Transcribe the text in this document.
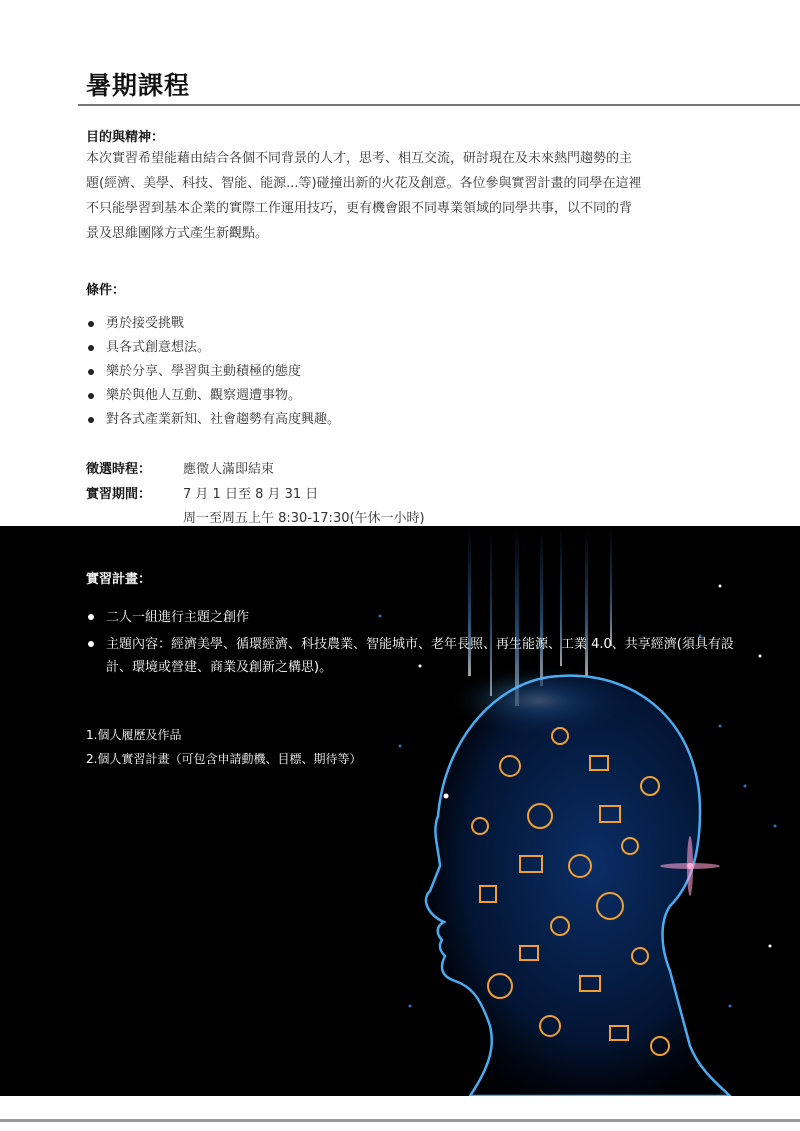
暑期課程
目的與精神：
本次實習希望能藉由結合各個不同背景的人才，思考、相互交流，研討現在及未來熱門趨勢的主
題(經濟、美學、科技、智能、能源...等)碰撞出新的火花及創意。各位參與實習計畫的同學在這裡
不只能學習到基本企業的實際工作運用技巧，更有機會跟不同專業領域的同學共事，以不同的背
景及思維團隊方式產生新觀點。
條件：
勇於接受挑戰
具各式創意想法。
樂於分享、學習與主動積極的態度
樂於與他人互動、觀察週遭事物。
對各式產業新知、社會趨勢有高度興趣。
徵選時程： 應徵人滿即結束
實習期間： 7 月 1 日至 8 月 31 日
周一至周五上午 8:30-17:30(午休一小時)
實習計畫：
二人一組進行主題之創作
主題內容：經濟美學、循環經濟、科技農業、智能城市、老年長照、再生能源、工業 4.0、共享經濟(須具有設計、環境或營建、商業及創新之構思)。
1.個人履歷及作品
2.個人實習計畫（可包含申請動機、目標、期待等）
